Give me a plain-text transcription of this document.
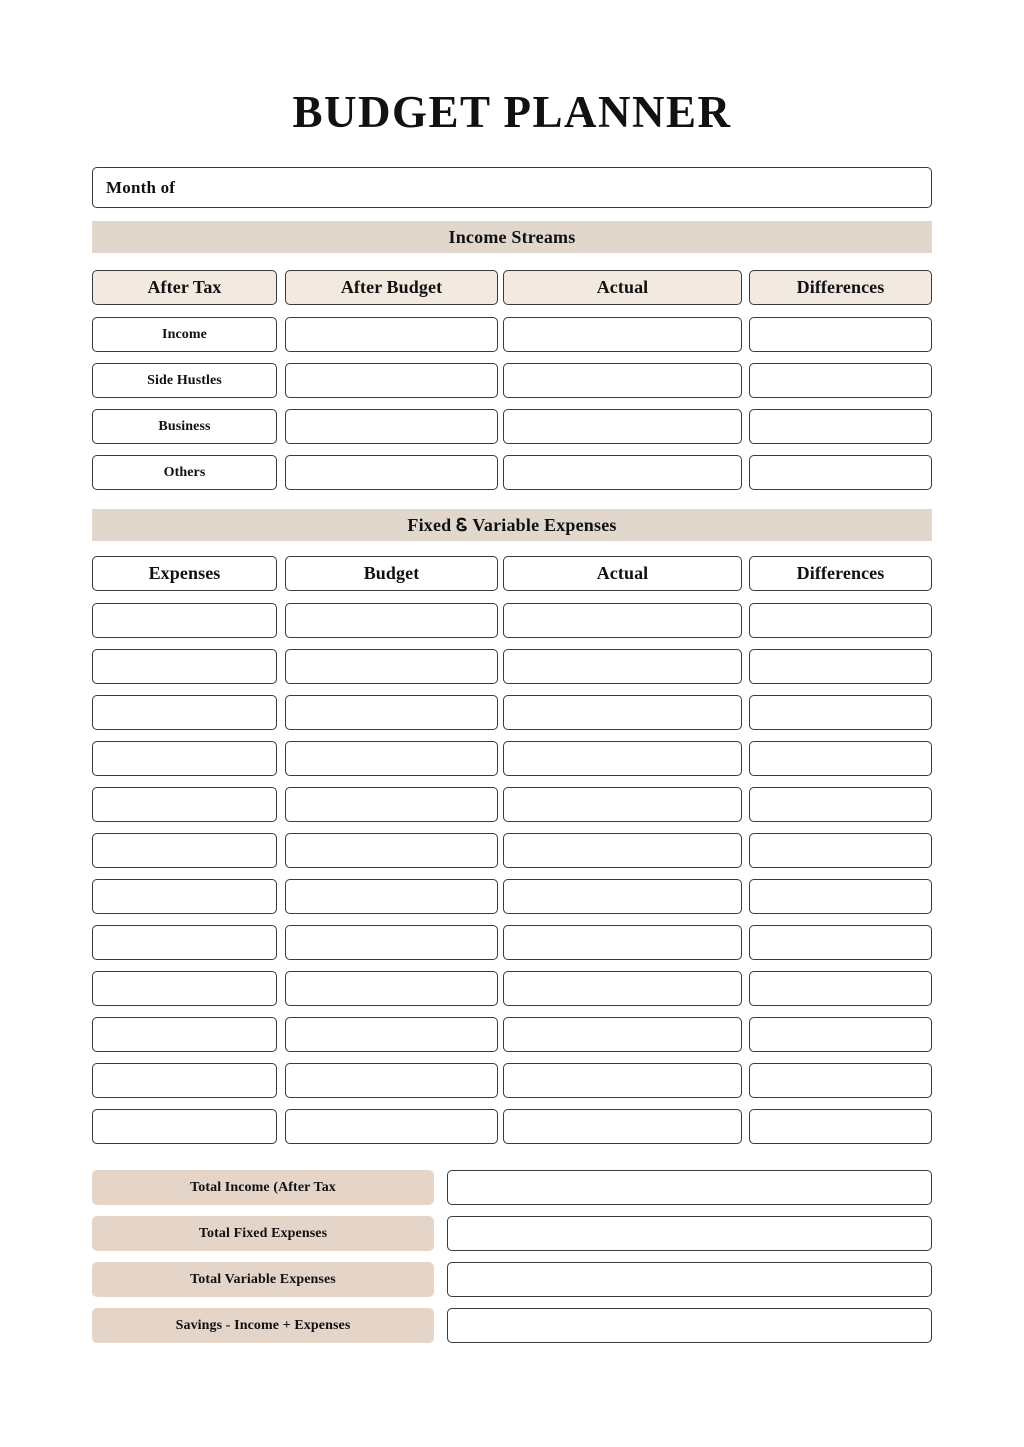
BUDGET PLANNER
Month of
Income Streams
After Tax	After Budget	Actual	Differences
Income
Side Hustles
Business
Others
Fixed Ꮛ Variable Expenses
Expenses	Budget	Actual	Differences
Total Income (After Tax
Total Fixed Expenses
Total Variable Expenses
Savings - Income + Expenses
